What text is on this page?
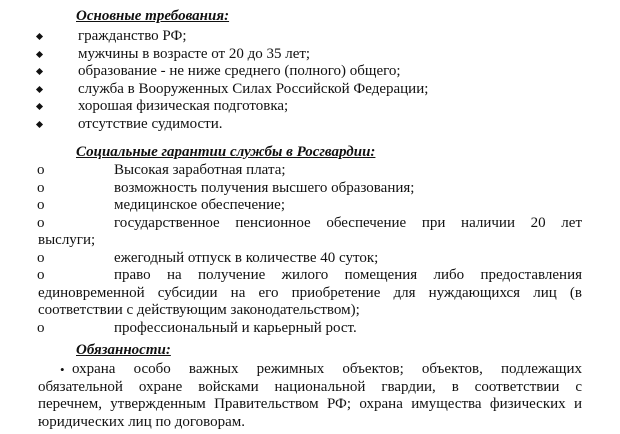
Основные требования:
гражданство РФ;
мужчины в возрасте от 20 до 35 лет;
образование - не ниже среднего (полного) общего;
служба в Вооруженных Силах Российской Федерации;
хорошая физическая подготовка;
отсутствие судимости.
Социальные гарантии службы в Росгвардии:
o	Высокая заработная плата;
o	возможность получения высшего образования;
o	медицинское обеспечение;
o	государственное пенсионное обеспечение при наличии 20 лет
выслуги;
o	ежегодный отпуск в количестве 40 суток;
o	право на получение жилого помещения либо предоставления
единовременной субсидии на его приобретение для нуждающихся лиц (в
соответствии с действующим законодательством);
o	профессиональный и карьерный рост.
Обязанности:
• охрана особо важных режимных объектов; объектов, подлежащих
обязательной охране войсками национальной гвардии, в соответствии с
перечнем, утвержденным Правительством РФ; охрана имущества физических и
юридических лиц по договорам.
